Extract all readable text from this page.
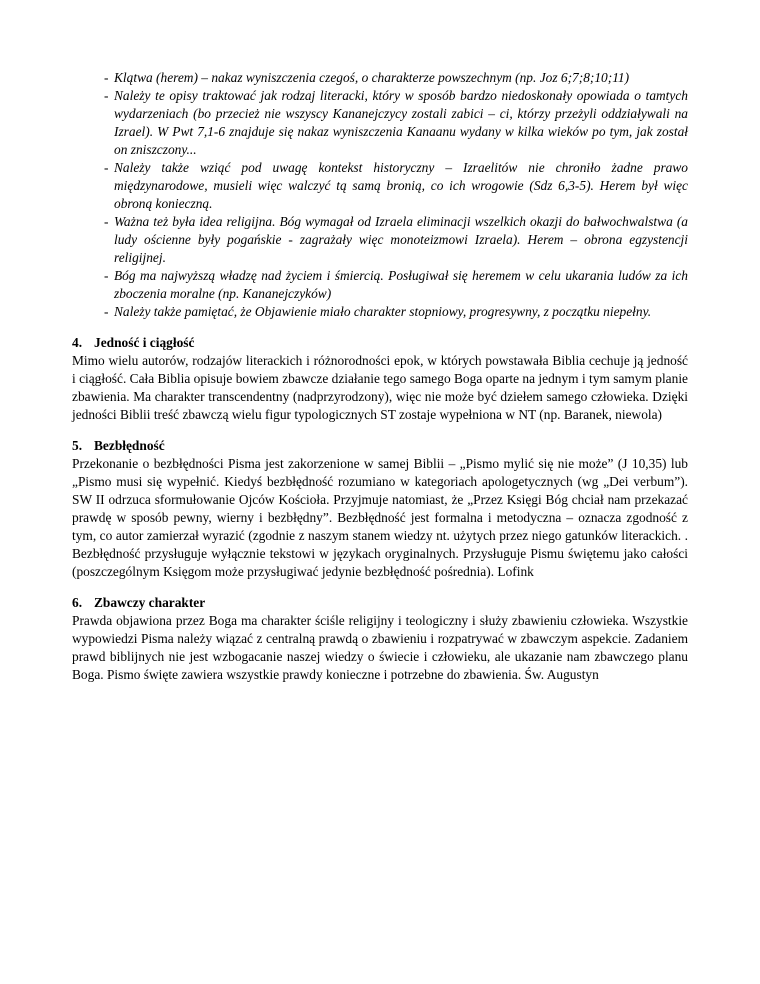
- Klątwa (herem) – nakaz wyniszczenia czegoś, o charakterze powszechnym (np. Joz 6;7;8;10;11)
- Należy te opisy traktować jak rodzaj literacki, który w sposób bardzo niedoskonały opowiada o tamtych wydarzeniach (bo przecież nie wszyscy Kananejczycy zostali zabici – ci, którzy przeżyli oddziaływali na Izrael). W Pwt 7,1-6 znajduje się nakaz wyniszczenia Kanaanu wydany w kilka wieków po tym, jak został on zniszczony...
- Należy także wziąć pod uwagę kontekst historyczny – Izraelitów nie chroniło żadne prawo międzynarodowe, musieli więc walczyć tą samą bronią, co ich wrogowie (Sdz 6,3-5). Herem był więc obroną konieczną.
- Ważna też była idea religijna. Bóg wymagał od Izraela eliminacji wszelkich okazji do bałwochwalstwa (a ludy ościenne były pogańskie - zagrażały więc monoteizmowi Izraela). Herem – obrona egzystencji religijnej.
- Bóg ma najwyższą władzę nad życiem i śmiercią. Posługiwał się heremem w celu ukarania ludów za ich zboczenia moralne (np. Kananejczyków)
- Należy także pamiętać, że Objawienie miało charakter stopniowy, progresywny, z początku niepełny.
4. Jedność i ciągłość

Mimo wielu autorów, rodzajów literackich i różnorodności epok, w których powstawała Biblia cechuje ją jedność i ciągłość. Cała Biblia opisuje bowiem zbawcze działanie tego samego Boga oparte na jednym i tym samym planie zbawienia. Ma charakter transcendentny (nadprzyrodzony), więc nie może być dziełem samego człowieka. Dzięki jedności Biblii treść zbawczą wielu figur typologicznych ST zostaje wypełniona w NT (np. Baranek, niewola)

5. Bezbłędność

Przekonanie o bezbłędności Pisma jest zakorzenione w samej Biblii – „Pismo mylić się nie może” (J 10,35) lub „Pismo musi się wypełnić. Kiedyś bezbłędność rozumiano w kategoriach apologetycznych (wg „Dei verbum”). SW II odrzuca sformułowanie Ojców Kościoła. Przyjmuje natomiast, że „Przez Księgi Bóg chciał nam przekazać prawdę w sposób pewny, wierny i bezbłędny”. Bezbłędność jest formalna i metodyczna – oznacza zgodność z tym, co autor zamierzał wyrazić (zgodnie z naszym stanem wiedzy nt. użytych przez niego gatunków literackich. . Bezbłędność przysługuje wyłącznie tekstowi w językach oryginalnych. Przysługuje Pismu świętemu jako całości (poszczególnym Księgom może przysługiwać jedynie bezbłędność pośrednia). Lofink

6. Zbawczy charakter

Prawda objawiona przez Boga ma charakter ściśle religijny i teologiczny i służy zbawieniu człowieka. Wszystkie wypowiedzi Pisma należy wiązać z centralną prawdą o zbawieniu i rozpatrywać w zbawczym aspekcie. Zadaniem prawd biblijnych nie jest wzbogacanie naszej wiedzy o świecie i człowieku, ale ukazanie nam zbawczego planu Boga. Pismo święte zawiera wszystkie prawdy konieczne i potrzebne do zbawienia. Św. Augustyn
